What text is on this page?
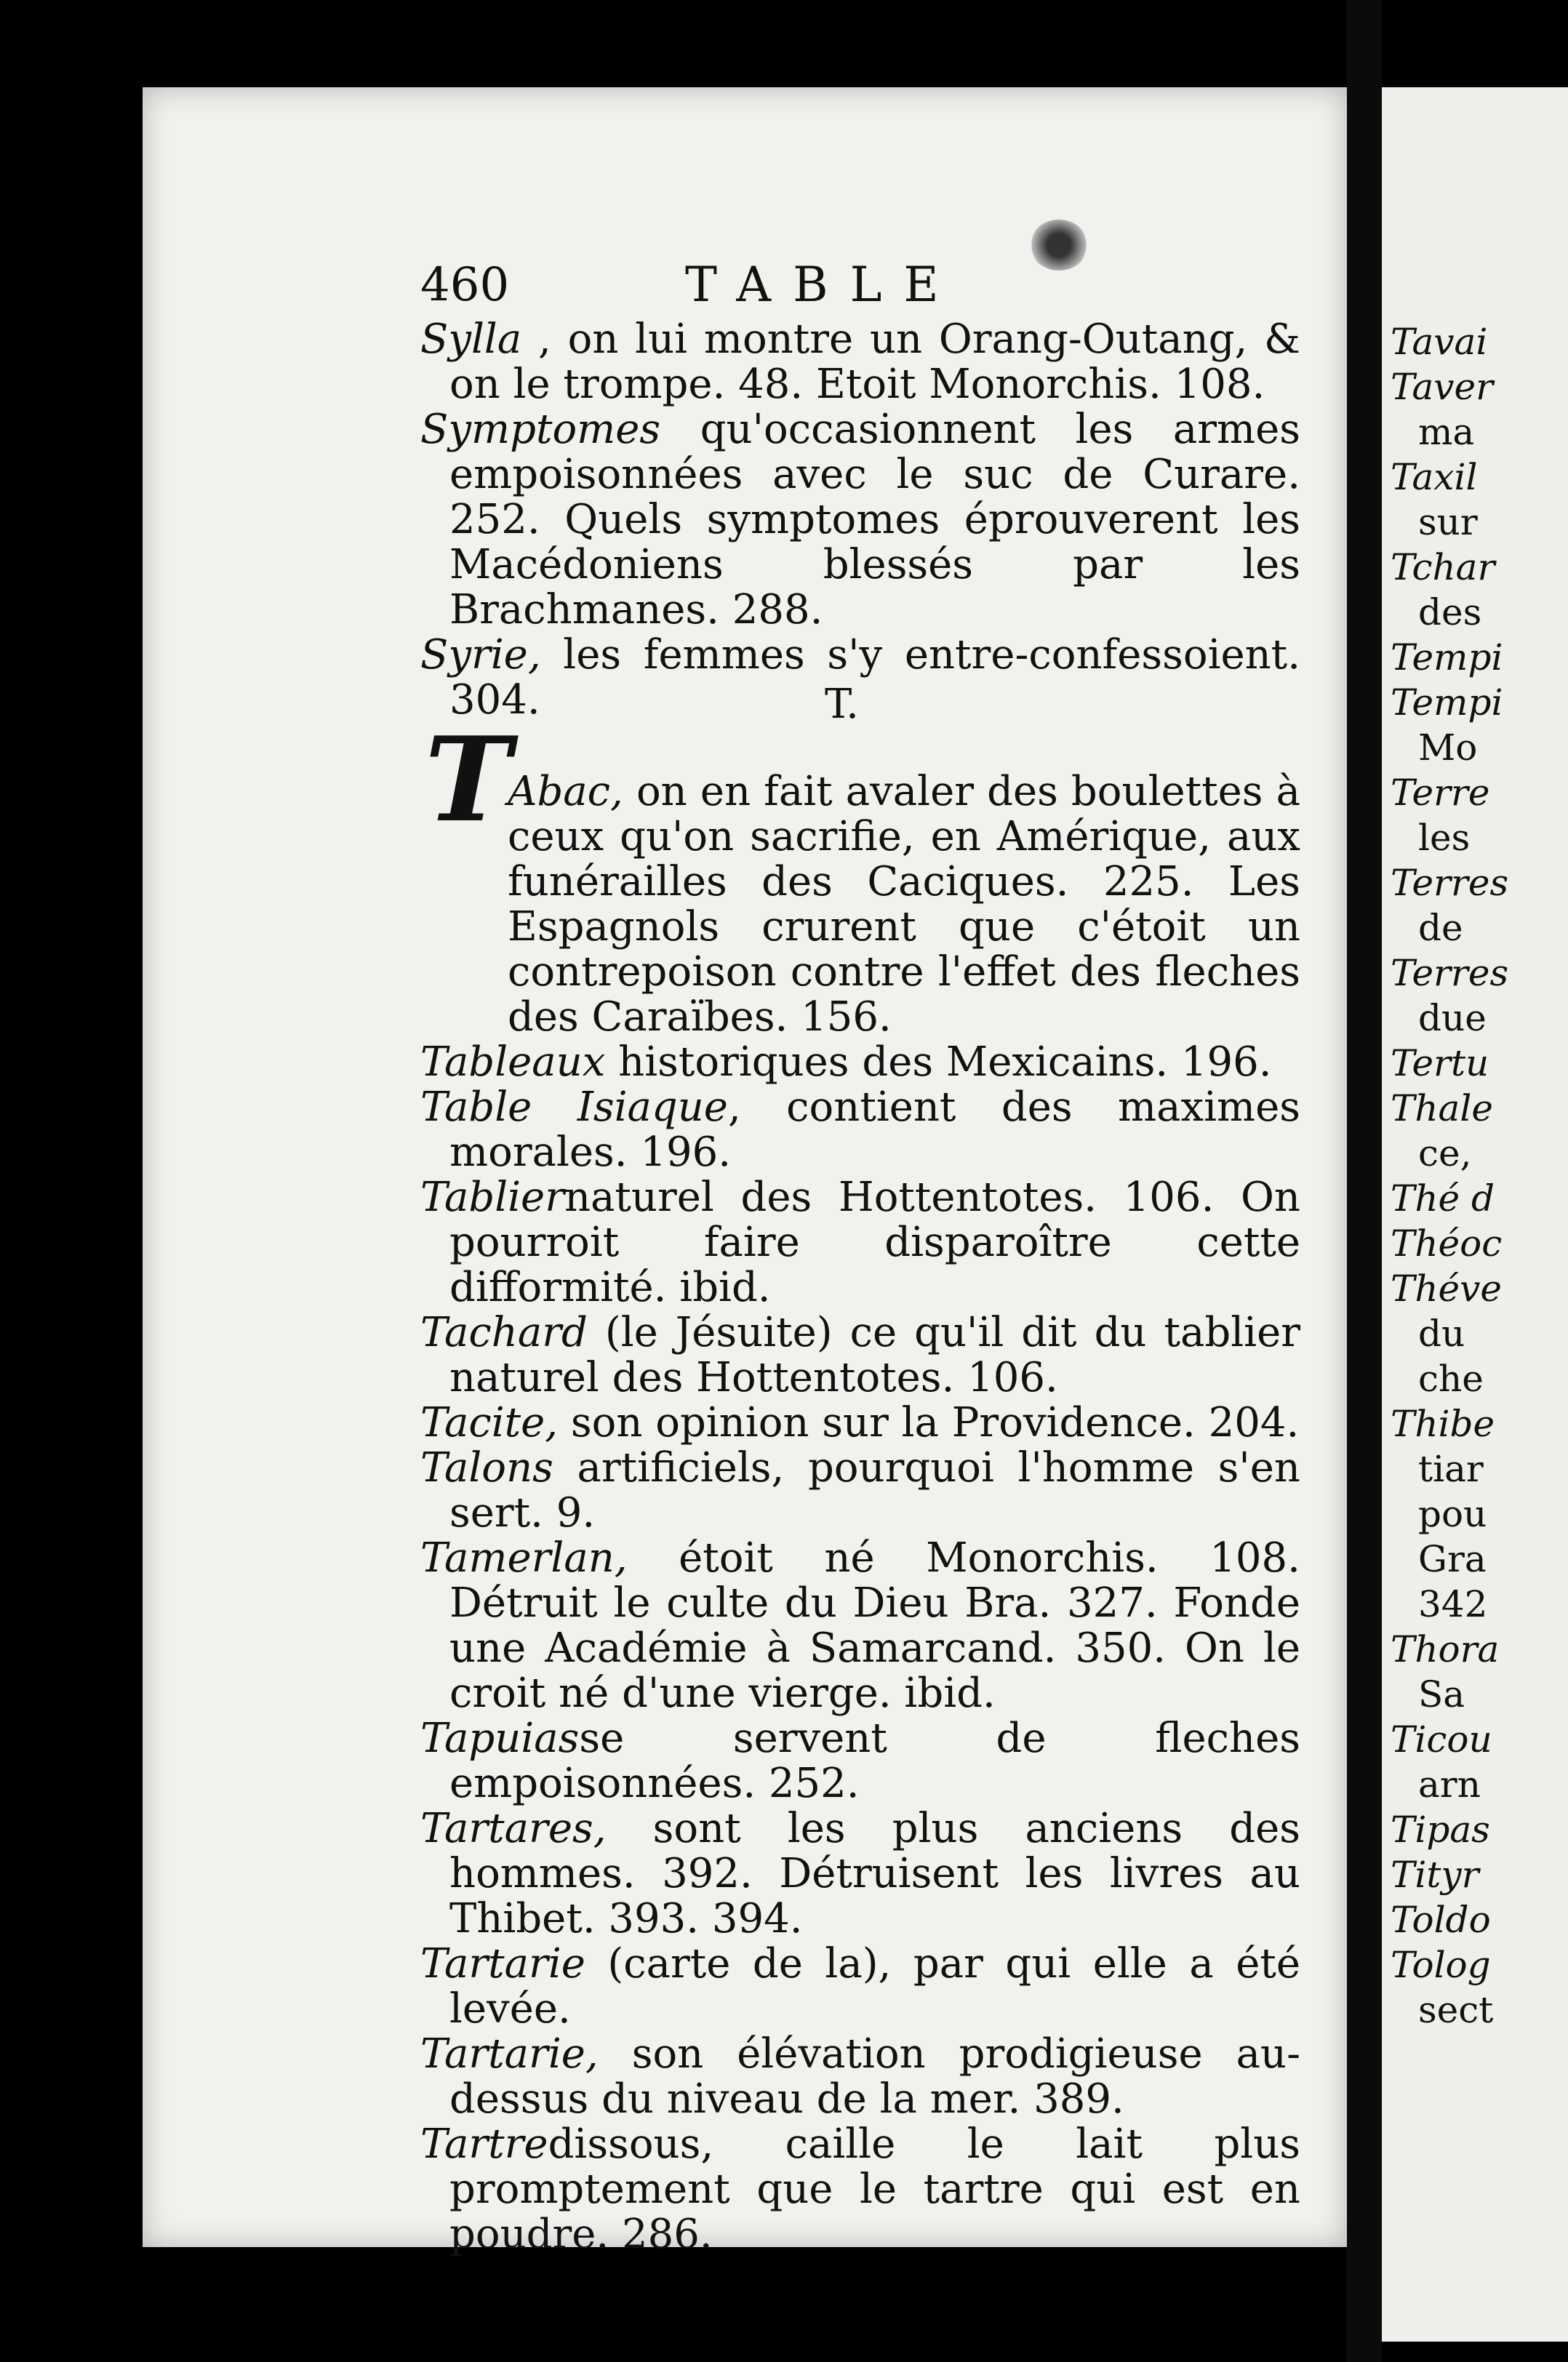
460	TABLE

Sylla , on lui montre un Orang-Outang, & on le trompe. 48. Etoit Monorchis. 108.

Symptomes qu'occasionnent les armes empoisonnées avec le suc de Curare. 252. Quels symptomes éprouverent les Macédoniens blessés par les Brachmanes. 288.

Syrie, les femmes s'y entre-confessoient. 304.	T.
T

Abac, on en fait avaler des boulettes à ceux qu'on sacrifie, en Amérique, aux funérailles des Caciques. 225. Les Espagnols crurent que c'étoit un contrepoison contre l'effet des fleches des Caraïbes. 156.

Tableaux historiques des Mexicains. 196.

Table Isiaque, contient des maximes morales. 196.

Tabliernaturel des Hottentotes. 106. On pourroit faire disparoître cette difformité. ibid.

Tachard (le Jésuite) ce qu'il dit du tablier naturel des Hottentotes. 106.

Tacite, son opinion sur la Providence. 204.

Talons artificiels, pourquoi l'homme s'en sert. 9.

Tamerlan, étoit né Monorchis. 108. Détruit le culte du Dieu Bra. 327. Fonde une Académie à Samarcand. 350. On le croit né d'une vierge. ibid.

Tapuiasse servent de fleches empoisonnées. 252.

Tartares, sont les plus anciens des hommes. 392. Détruisent les livres au Thibet. 393. 394.

Tartarie (carte de la), par qui elle a été levée.

Tartarie, son élévation prodigieuse au-dessus du niveau de la mer. 389.

Tartredissous, caille le lait plus promptement que le tartre qui est en poudre. 286.

Tavai
Taver
ma
Taxil
sur
Tchar
des
Tempi
Tempi
Mo
Terre
les
Terres
de
Terres
due
Tertu
Thale
ce,
Thé d
Théoc
Théve
du
che
Thibe
tiar
pou
Gra
342
Thora
Sa
Ticou
arn
Tipas
Tityr
Toldo
Tolog
sect
